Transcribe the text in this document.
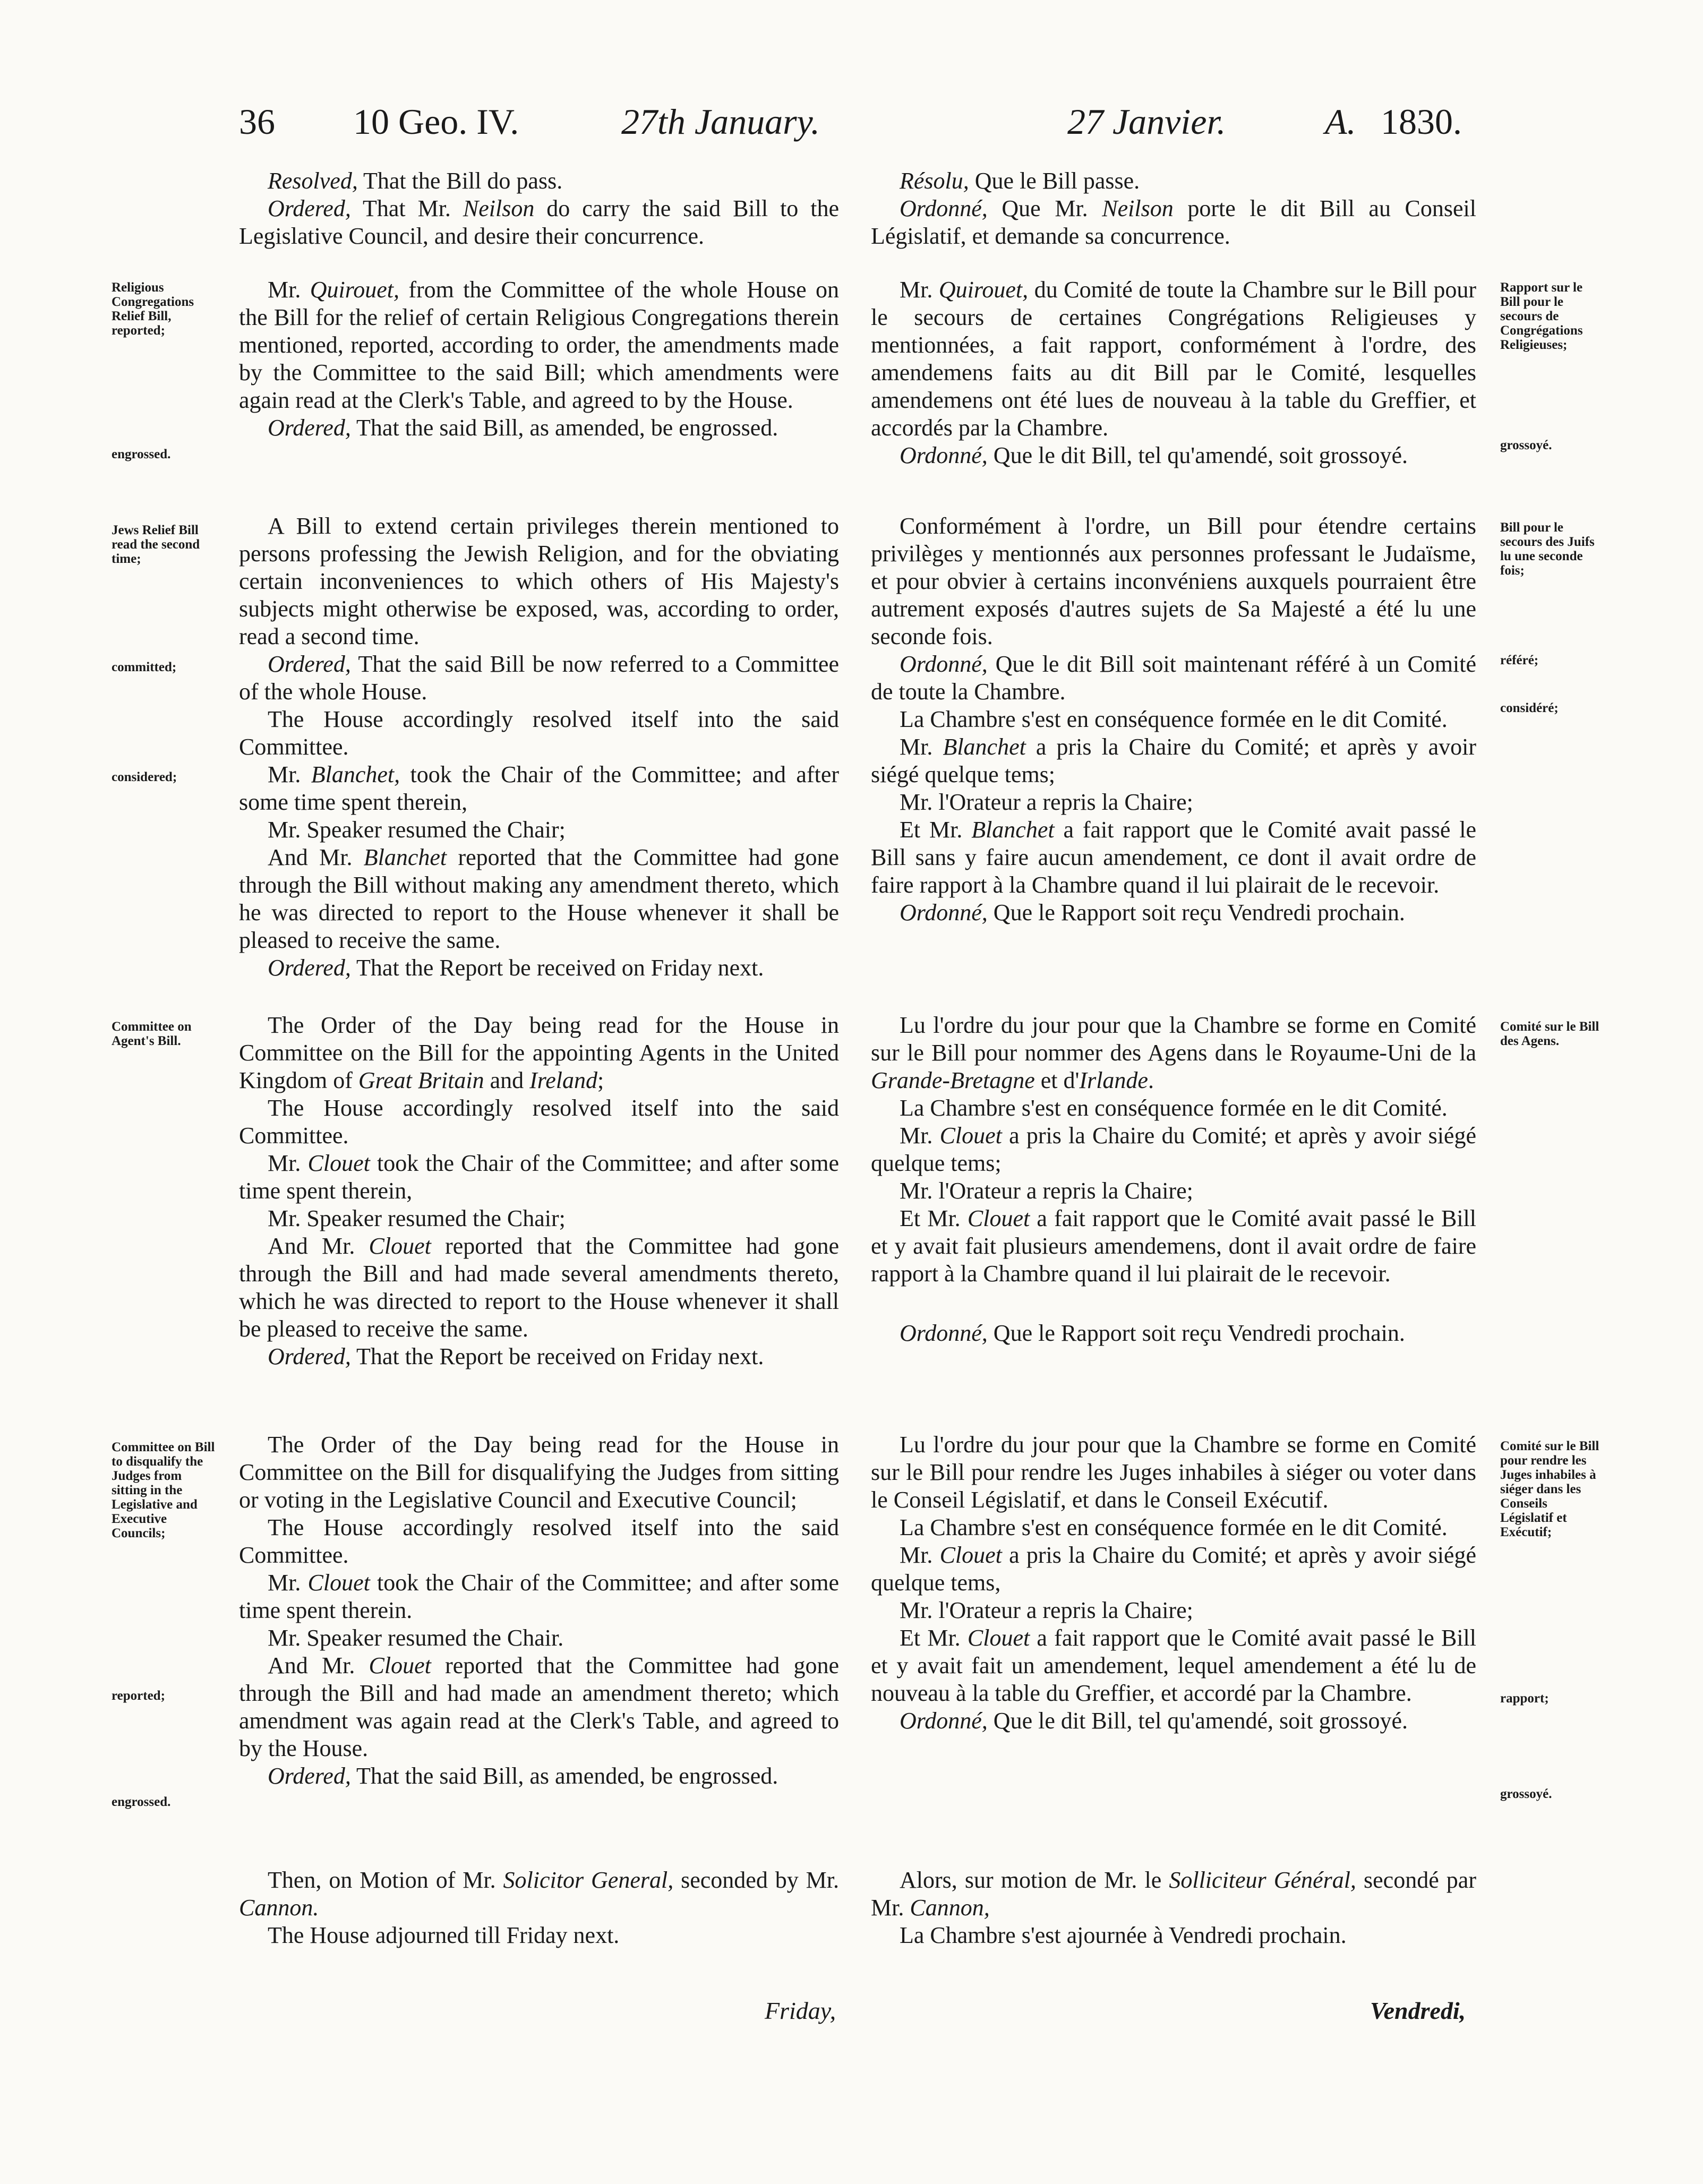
36 10 Geo. IV.	27th January.	27 Janvier.	A. 1830.
Religious Congregations Relief Bill, reported;
engrossed.
Jews Relief Bill read the second time;
committed;
considered;
Committee on Agent's Bill.
Committee on Bill to disqualify the Judges from sitting in the Legislative and Executive Councils;
reported;
engrossed.
Rapport sur le Bill pour le secours de Congrégations Religieuses;
grossoyé.
Bill pour le secours des Juifs lu une seconde fois;
référé;
considéré;
Comité sur le Bill des Agens.
Comité sur le Bill pour rendre les Juges inhabiles à siéger dans les Conseils Législatif et Exécutif;
rapport;
grossoyé.
Resolved, That the Bill do pass.
Ordered, That Mr. Neilson do carry the said Bill to the Legislative Council, and desire their concurrence.
Mr. Quirouet, from the Committee of the whole House on the Bill for the relief of certain Religious Congregations therein mentioned, reported, according to order, the amendments made by the Committee to the said Bill; which amendments were again read at the Clerk's Table, and agreed to by the House.
Ordered, That the said Bill, as amended, be engrossed.
A Bill to extend certain privileges therein mentioned to persons professing the Jewish Religion, and for the obviating certain inconveniences to which others of His Majesty's subjects might otherwise be exposed, was, according to order, read a second time.
Ordered, That the said Bill be now referred to a Committee of the whole House.
The House accordingly resolved itself into the said Committee.
Mr. Blanchet, took the Chair of the Committee; and after some time spent therein,
Mr. Speaker resumed the Chair;
And Mr. Blanchet reported that the Committee had gone through the Bill without making any amendment thereto, which he was directed to report to the House whenever it shall be pleased to receive the same.
Ordered, That the Report be received on Friday next.
The Order of the Day being read for the House in Committee on the Bill for the appointing Agents in the United Kingdom of Great Britain and Ireland;
The House accordingly resolved itself into the said Committee.
Mr. Clouet took the Chair of the Committee; and after some time spent therein,
Mr. Speaker resumed the Chair;
And Mr. Clouet reported that the Committee had gone through the Bill and had made several amendments thereto, which he was directed to report to the House whenever it shall be pleased to receive the same.
Ordered, That the Report be received on Friday next.
The Order of the Day being read for the House in Committee on the Bill for disqualifying the Judges from sitting or voting in the Legislative Council and Executive Council;
The House accordingly resolved itself into the said Committee.
Mr. Clouet took the Chair of the Committee; and after some time spent therein.
Mr. Speaker resumed the Chair.
And Mr. Clouet reported that the Committee had gone through the Bill and had made an amendment thereto; which amendment was again read at the Clerk's Table, and agreed to by the House.
Ordered, That the said Bill, as amended, be engrossed.
Then, on Motion of Mr. Solicitor General, seconded by Mr. Cannon.
The House adjourned till Friday next.
Friday,
Résolu, Que le Bill passe.
Ordonné, Que Mr. Neilson porte le dit Bill au Conseil Législatif, et demande sa concurrence.
Mr. Quirouet, du Comité de toute la Chambre sur le Bill pour le secours de certaines Congrégations Religieuses y mentionnées, a fait rapport, conformément à l'ordre, des amendemens faits au dit Bill par le Comité, lesquelles amendemens ont été lues de nouveau à la table du Greffier, et accordés par la Chambre.
Ordonné, Que le dit Bill, tel qu'amendé, soit grossoyé.
Conformément à l'ordre, un Bill pour étendre certains privilèges y mentionnés aux personnes professant le Judaïsme, et pour obvier à certains inconvéniens auxquels pourraient être autrement exposés d'autres sujets de Sa Majesté a été lu une seconde fois.
Ordonné, Que le dit Bill soit maintenant référé à un Comité de toute la Chambre.
La Chambre s'est en conséquence formée en le dit Comité.
Mr. Blanchet a pris la Chaire du Comité; et après y avoir siégé quelque tems;
Mr. l'Orateur a repris la Chaire;
Et Mr. Blanchet a fait rapport que le Comité avait passé le Bill sans y faire aucun amendement, ce dont il avait ordre de faire rapport à la Chambre quand il lui plairait de le recevoir.
Ordonné, Que le Rapport soit reçu Vendredi prochain.
Lu l'ordre du jour pour que la Chambre se forme en Comité sur le Bill pour nommer des Agens dans le Royaume-Uni de la Grande-Bretagne et d'Irlande.
La Chambre s'est en conséquence formée en le dit Comité.
Mr. Clouet a pris la Chaire du Comité; et après y avoir siégé quelque tems;
Mr. l'Orateur a repris la Chaire;
Et Mr. Clouet a fait rapport que le Comité avait passé le Bill et y avait fait plusieurs amendemens, dont il avait ordre de faire rapport à la Chambre quand il lui plairait de le recevoir.
Ordonné, Que le Rapport soit reçu Vendredi prochain.
Lu l'ordre du jour pour que la Chambre se forme en Comité sur le Bill pour rendre les Juges inhabiles à siéger ou voter dans le Conseil Législatif, et dans le Conseil Exécutif.
La Chambre s'est en conséquence formée en le dit Comité.
Mr. Clouet a pris la Chaire du Comité; et après y avoir siégé quelque tems,
Mr. l'Orateur a repris la Chaire;
Et Mr. Clouet a fait rapport que le Comité avait passé le Bill et y avait fait un amendement, lequel amendement a été lu de nouveau à la table du Greffier, et accordé par la Chambre.
Ordonné, Que le dit Bill, tel qu'amendé, soit grossoyé.
Alors, sur motion de Mr. le Solliciteur Général, secondé par Mr. Cannon,
La Chambre s'est ajournée à Vendredi prochain.
Vendredi,
